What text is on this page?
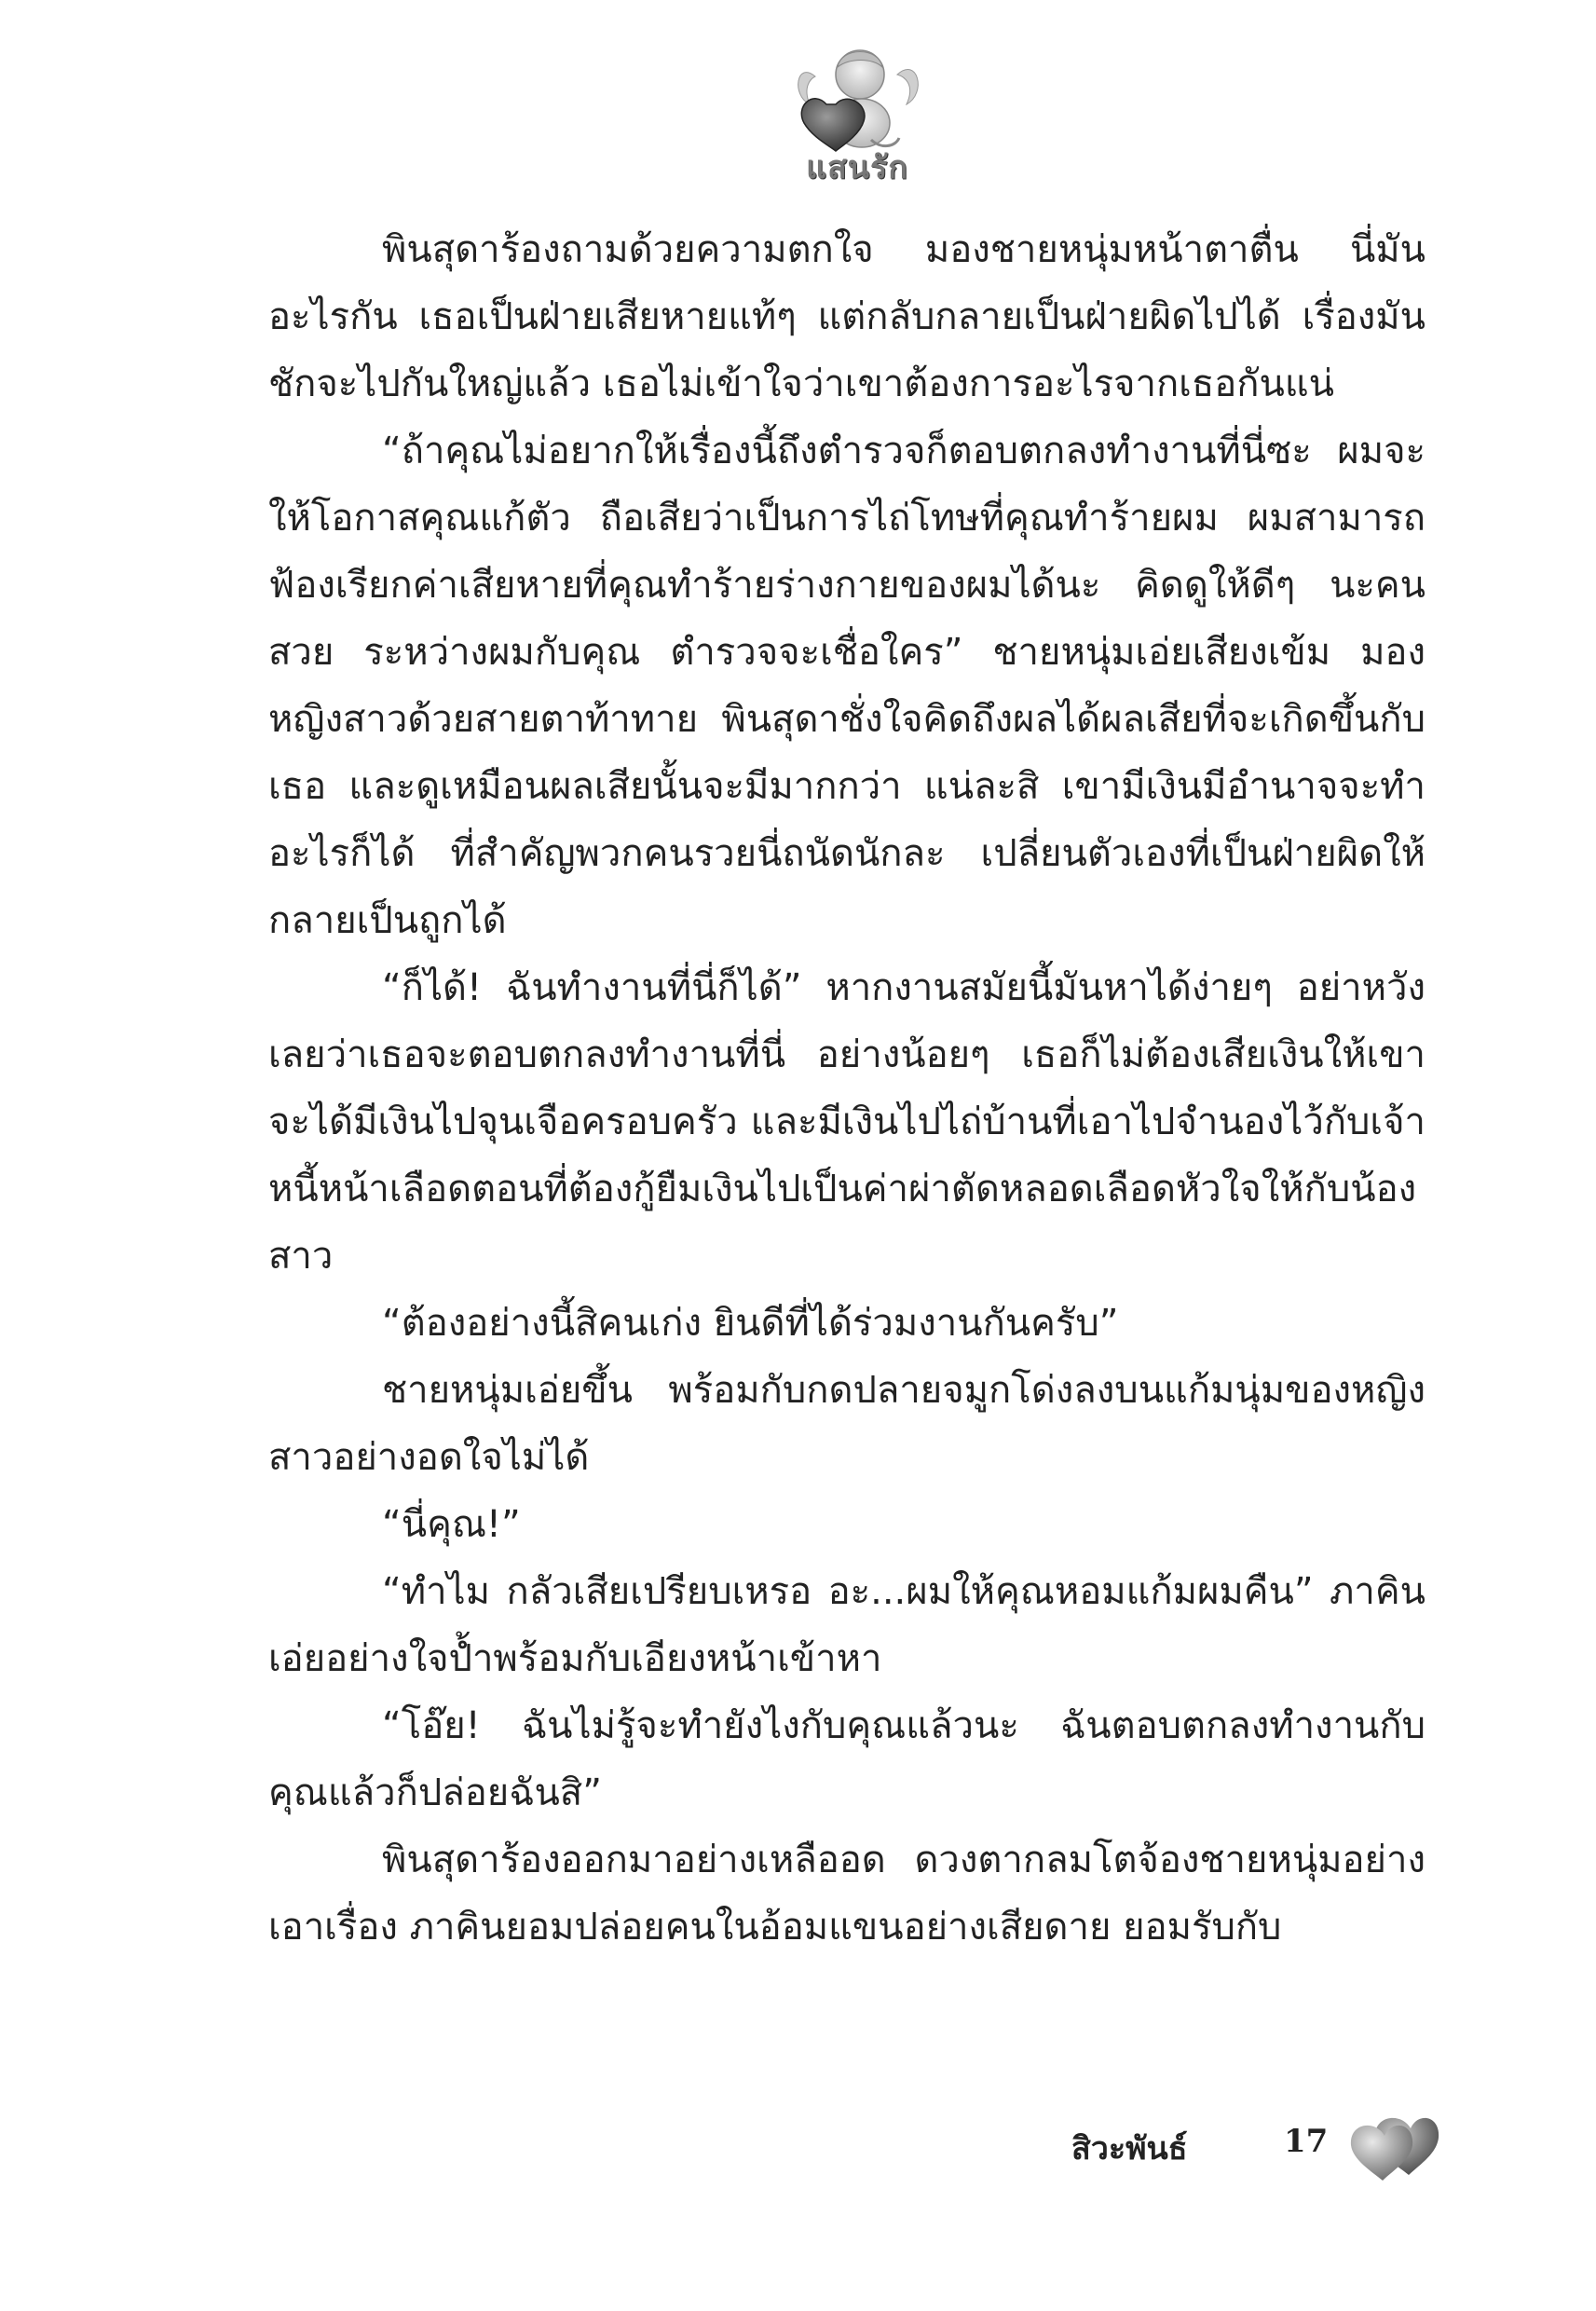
แสนรัก

พินสุดาร้องถามด้วยความตกใจ มองชายหนุ่มหน้าตาตื่น นี่มันอะไรกัน เธอเป็นฝ่ายเสียหายแท้ๆ แต่กลับกลายเป็นฝ่ายผิดไปได้ เรื่องมันชักจะไปกันใหญ่แล้ว เธอไม่เข้าใจว่าเขาต้องการอะไรจากเธอกันแน่

“ถ้าคุณไม่อยากให้เรื่องนี้ถึงตำรวจก็ตอบตกลงทำงานที่นี่ซะ ผมจะให้โอกาสคุณแก้ตัว ถือเสียว่าเป็นการไถ่โทษที่คุณทำร้ายผม ผมสามารถฟ้องเรียกค่าเสียหายที่คุณทำร้ายร่างกายของผมได้นะ คิดดูให้ดีๆ นะคนสวย ระหว่างผมกับคุณ ตำรวจจะเชื่อใคร” ชายหนุ่มเอ่ยเสียงเข้ม มองหญิงสาวด้วยสายตาท้าทาย พินสุดาชั่งใจคิดถึงผลได้ผลเสียที่จะเกิดขึ้นกับเธอ และดูเหมือนผลเสียนั้นจะมีมากกว่า แน่ละสิ เขามีเงินมีอำนาจจะทำอะไรก็ได้ ที่สำคัญพวกคนรวยนี่ถนัดนักละ เปลี่ยนตัวเองที่เป็นฝ่ายผิดให้กลายเป็นถูกได้

“ก็ได้! ฉันทำงานที่นี่ก็ได้” หากงานสมัยนี้มันหาได้ง่ายๆ อย่าหวังเลยว่าเธอจะตอบตกลงทำงานที่นี่ อย่างน้อยๆ เธอก็ไม่ต้องเสียเงินให้เขาจะได้มีเงินไปจุนเจือครอบครัว และมีเงินไปไถ่บ้านที่เอาไปจำนองไว้กับเจ้าหนี้หน้าเลือดตอนที่ต้องกู้ยืมเงินไปเป็นค่าผ่าตัดหลอดเลือดหัวใจให้กับน้องสาว

“ต้องอย่างนี้สิคนเก่ง ยินดีที่ได้ร่วมงานกันครับ”

ชายหนุ่มเอ่ยขึ้น พร้อมกับกดปลายจมูกโด่งลงบนแก้มนุ่มของหญิงสาวอย่างอดใจไม่ได้

“นี่คุณ!”

“ทำไม กลัวเสียเปรียบเหรอ อะ...ผมให้คุณหอมแก้มผมคืน” ภาคินเอ่ยอย่างใจป้ำพร้อมกับเอียงหน้าเข้าหา

“โอ๊ย! ฉันไม่รู้จะทำยังไงกับคุณแล้วนะ ฉันตอบตกลงทำงานกับคุณแล้วก็ปล่อยฉันสิ”

พินสุดาร้องออกมาอย่างเหลืออด ดวงตากลมโตจ้องชายหนุ่มอย่างเอาเรื่อง ภาคินยอมปล่อยคนในอ้อมแขนอย่างเสียดาย ยอมรับกับ

สิวะพันธ์	17
